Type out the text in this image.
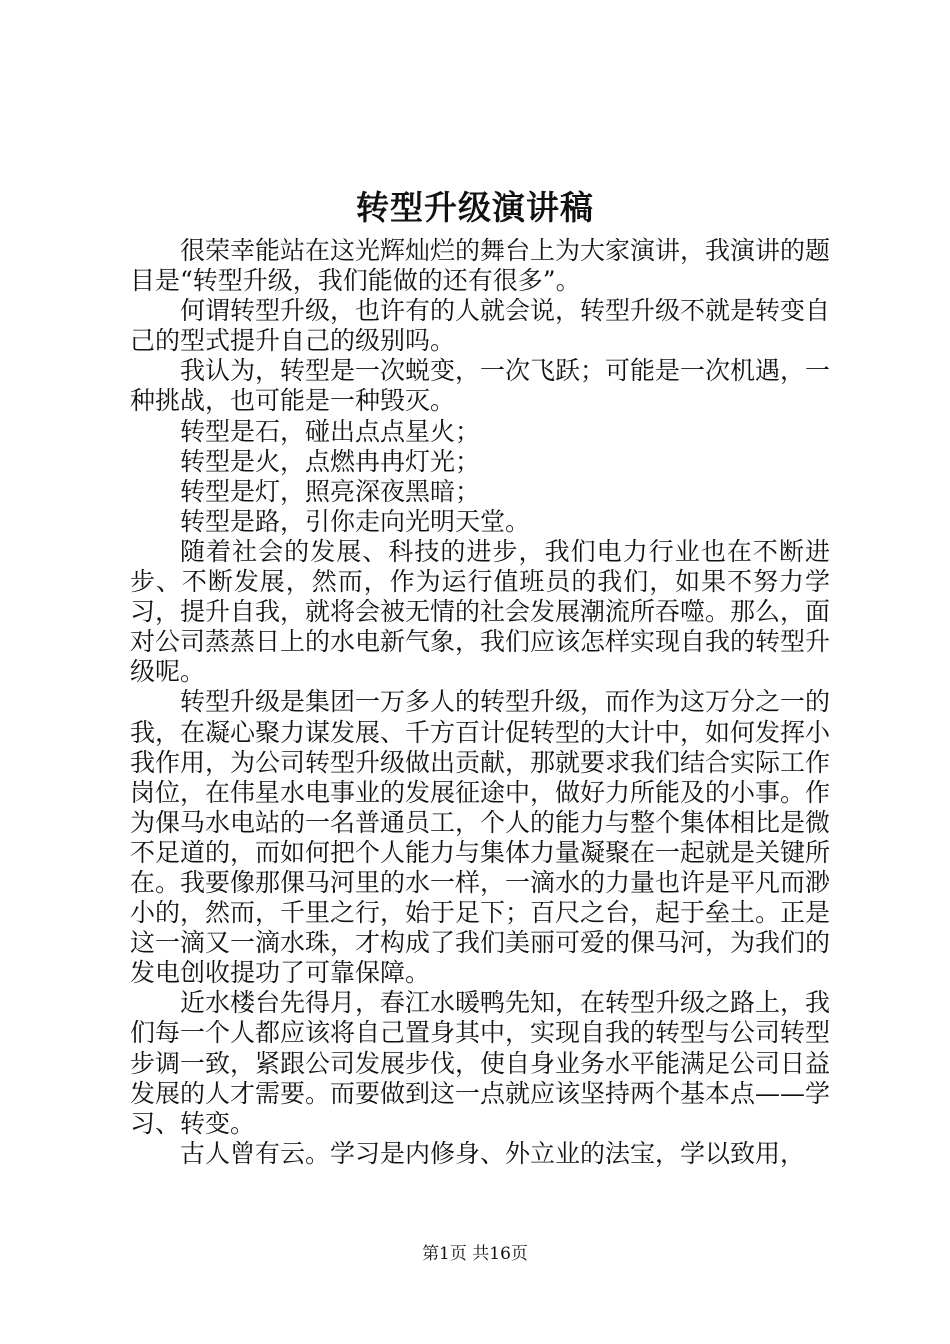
转型升级演讲稿

很荣幸能站在这光辉灿烂的舞台上为大家演讲，我演讲的题目是“转型升级，我们能做的还有很多”。

何谓转型升级，也许有的人就会说，转型升级不就是转变自己的型式提升自己的级别吗。

我认为，转型是一次蜕变，一次飞跃；可能是一次机遇，一种挑战，也可能是一种毁灭。

转型是石，碰出点点星火；

转型是火，点燃冉冉灯光；

转型是灯，照亮深夜黑暗；

转型是路，引你走向光明天堂。

随着社会的发展、科技的进步，我们电力行业也在不断进步、不断发展，然而，作为运行值班员的我们，如果不努力学习，提升自我，就将会被无情的社会发展潮流所吞噬。那么，面对公司蒸蒸日上的水电新气象，我们应该怎样实现自我的转型升级呢。

转型升级是集团一万多人的转型升级，而作为这万分之一的我，在凝心聚力谋发展、千方百计促转型的大计中，如何发挥小我作用，为公司转型升级做出贡献，那就要求我们结合实际工作岗位，在伟星水电事业的发展征途中，做好力所能及的小事。作为倮马水电站的一名普通员工，个人的能力与整个集体相比是微不足道的，而如何把个人能力与集体力量凝聚在一起就是关键所在。我要像那倮马河里的水一样，一滴水的力量也许是平凡而渺小的，然而，千里之行，始于足下；百尺之台，起于垒土。正是这一滴又一滴水珠，才构成了我们美丽可爱的倮马河，为我们的发电创收提功了可靠保障。

近水楼台先得月，春江水暖鸭先知，在转型升级之路上，我们每一个人都应该将自己置身其中，实现自我的转型与公司转型步调一致，紧跟公司发展步伐，使自身业务水平能满足公司日益发展的人才需要。而要做到这一点就应该坚持两个基本点——学习、转变。

古人曾有云。学习是内修身、外立业的法宝，学以致用，

第1页 共16页
